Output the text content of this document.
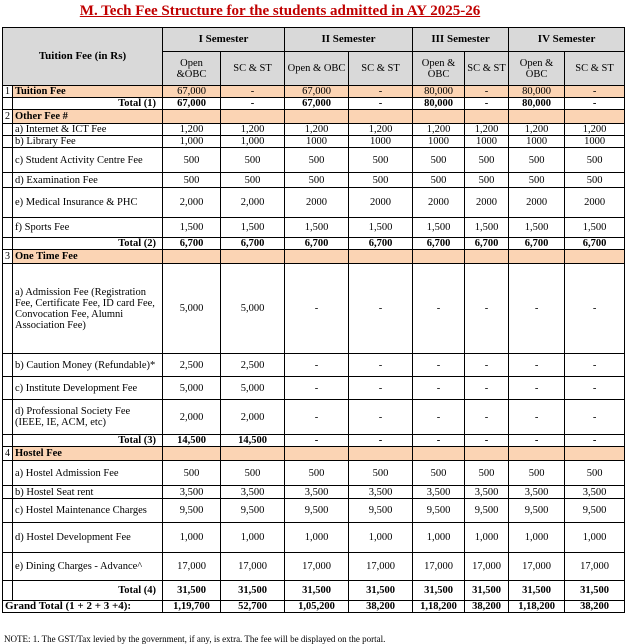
M. Tech Fee Structure for the students admitted in AY 2025-26
Tuition Fee (in Rs)		I Semester		II Semester		III Semester		IV Semester	
		Open &OBC	SC & ST	Open & OBC	SC & ST	Open & OBC	SC & ST	Open & OBC	SC & ST
1	Tuition Fee	67,000	-	67,000	-	80,000	-	80,000	-
	Total (1)	67,000	-	67,000	-	80,000	-	80,000	-
2	Other Fee #								
	a) Internet & ICT Fee	1,200	1,200	1,200	1,200	1,200	1,200	1,200	1,200
	b) Library Fee	1,000	1,000	1000	1000	1000	1000	1000	1000
	c) Student Activity Centre Fee	500	500	500	500	500	500	500	500
	d) Examination Fee	500	500	500	500	500	500	500	500
	e) Medical Insurance & PHC	2,000	2,000	2000	2000	2000	2000	2000	2000
	f) Sports Fee	1,500	1,500	1,500	1,500	1,500	1,500	1,500	1,500
	Total (2)	6,700	6,700	6,700	6,700	6,700	6,700	6,700	6,700
3	One Time Fee								
	a) Admission Fee (Registration Fee, Certificate Fee, ID card Fee, Convocation Fee, Alumni Association Fee)	5,000	5,000	-	-	-	-	-	-
	b) Caution Money (Refundable)*	2,500	2,500	-	-	-	-	-	-
	c) Institute Development Fee	5,000	5,000	-	-	-	-	-	-
	d) Professional Society Fee (IEEE, IE, ACM, etc)	2,000	2,000	-	-	-	-	-	-
	Total (3)	14,500	14,500	-	-	-	-	-	-
4	Hostel Fee								
	a) Hostel Admission Fee	500	500	500	500	500	500	500	500
	b) Hostel Seat rent	3,500	3,500	3,500	3,500	3,500	3,500	3,500	3,500
	c) Hostel Maintenance Charges	9,500	9,500	9,500	9,500	9,500	9,500	9,500	9,500
	d) Hostel Development Fee	1,000	1,000	1,000	1,000	1,000	1,000	1,000	1,000
	e) Dining Charges - Advance^	17,000	17,000	17,000	17,000	17,000	17,000	17,000	17,000
	Total (4)	31,500	31,500	31,500	31,500	31,500	31,500	31,500	31,500
Grand Total (1 + 2 + 3 +4):		1,19,700	52,700	1,05,200	38,200	1,18,200	38,200	1,18,200	38,200
NOTE: 1. The GST/Tax levied by the government, if any, is extra. The fee will be displayed on the portal.
